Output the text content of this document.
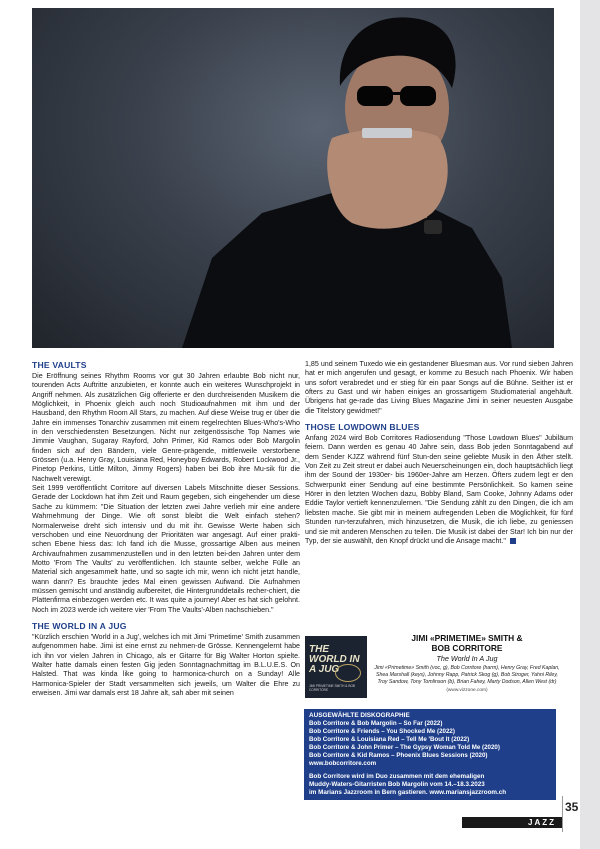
THE VAULTS

Die Eröffnung seines Rhythm Rooms vor gut 30 Jahren erlaubte Bob nicht nur, tourenden Acts Auftritte anzubieten, er konnte auch ein weiteres Wunschprojekt in Angriff nehmen. Als zusätzlichen Gig offerierte er den durchreisenden Musikern die Möglichkeit, in Phoenix gleich auch noch Studioaufnahmen mit ihm und der Hausband, den Rhythm Room All Stars, zu machen. Auf diese Weise trug er über die Jahre ein immenses Tonarchiv zusammen mit einem regelrechten Blues-Who's-Who in den verschiedensten Besetzungen. Nicht nur zeitgenössische Top Names wie Jimmie Vaughan, Sugaray Rayford, John Primer, Kid Ramos oder Bob Margolin finden sich auf den Bändern, viele Genre-prägende, mittlerweile verstorbene Grössen (u.a. Henry Gray, Louisiana Red, Honeyboy Edwards, Robert Lockwood Jr., Pinetop Perkins, Little Milton, Jimmy Rogers) haben bei Bob ihre Mu-sik für die Nachwelt verewigt.

Seit 1999 veröffentlicht Corritore auf diversen Labels Mitschnitte dieser Sessions. Gerade der Lockdown hat ihm Zeit und Raum gegeben, sich eingehender um diese Sache zu kümmern: "Die Situation der letzten zwei Jahre verlieh mir eine andere Wahrnehmung der Dinge. Wie oft sonst bleibt die Welt einfach stehen? Normalerweise dreht sich intensiv und du mit ihr. Gewisse Werte haben sich verschoben und eine Neuordnung der Prioritäten war angesagt. Auf einer prakti-schen Ebene hiess das: Ich fand ich die Musse, grossartige Alben aus meinen Archivaufnahmen zusammenzustellen und in den letzten bei-den Jahren unter dem Motto 'From The Vaults' zu veröffentlichen. Ich staunte selber, welche Fülle an Material sich angesammelt hatte, und so sagte ich mir, wenn ich nicht jetzt handle, wann dann? Es brauchte jedes Mal einen gewissen Aufwand. Die Aufnahmen müssen gemischt und anständig aufbereitet, die Hintergrunddetails recher-chiert, die Plattenfirma einbezogen werden etc. It was quite a journey! Aber es hat sich gelohnt. Noch im 2023 werde ich weitere vier 'From The Vaults'-Alben nachschieben."

THE WORLD IN A JUG

"Kürzlich erschien 'World in a Jug', welches ich mit Jimi 'Primetime' Smith zusammen aufgenommen habe. Jimi ist eine ernst zu nehmen-de Grösse. Kennengelernt habe ich ihn vor vielen Jahren in Chicago, als er Gitarre für Big Walter Horton spielte. Walter hatte damals einen festen Gig jeden Sonntagnachmittag im B.L.U.E.S. On Halsted. That was kinda like going to harmonica-church on a Sunday! Alle Harmonica-Spieler der Stadt versammelten sich jeweils, um Walter die Ehre zu erweisen. Jimi war damals erst 18 Jahre alt, sah aber mit seinen

1,85 und seinem Tuxedo wie ein gestandener Bluesman aus. Vor rund sieben Jahren hat er mich angerufen und gesagt, er komme zu Besuch nach Phoenix. Wir haben uns sofort verabredet und er stieg für ein paar Songs auf die Bühne. Seither ist er öfters zu Gast und wir haben einiges an grossartigem Studiomaterial angehäuft. Übrigens hat ge-rade das Living Blues Magazine Jimi in seiner neuesten Ausgabe die Titelstory gewidmet!"

THOSE LOWDOWN BLUES

Anfang 2024 wird Bob Corritores Radiosendung "Those Lowdown Blues" Jubiläum feiern. Dann werden es genau 40 Jahre sein, dass Bob jeden Sonntagabend auf dem Sender KJZZ während fünf Stun-den seine geliebte Musik in den Äther stellt. Von Zeit zu Zeit streut er dabei auch Neuerscheinungen ein, doch hauptsächlich liegt ihm der Sound der 1930er- bis 1960er-Jahre am Herzen. Öfters zudem legt er den Schwerpunkt einer Sendung auf eine bestimmte Persönlichkeit. So kamen seine Hörer in den letzten Wochen dazu, Bobby Bland, Sam Cooke, Johnny Adams oder Eddie Taylor vertieft kennenzulernen. "Die Sendung zählt zu den Dingen, die ich am liebsten mache. Sie gibt mir in meinem aufregenden Leben die Möglichkeit, für fünf Stunden run-terzufahren, mich hinzusetzen, die Musik, die ich liebe, zu geniessen und sie mit anderen Menschen zu teilen. Die Musik ist dabei der Star! Ich bin nur der Typ, der sie auswählt, den Knopf drückt und die Ansage macht."

THE WORLD IN A JUG
JIMI PRIMETIME SMITH & BOB CORRITORE
JIMI «PRIMETIME» SMITH &
BOB CORRITORE
The World In A Jug
Jimi «Primetime» Smith (voc, g), Bob Corritore (harm), Henry Gray, Fred Kaplan, Shea Marshall (keys), Johnny Rapp, Patrick Skog (g), Bob Stroger, Yahni Riley, Troy Sandow, Tony Tomlinson (b), Brian Fahey, Marty Dodson, Allen West (dr)
(www.vizzone.com)
AUSGEWÄHLTE DISKOGRAPHIE
Bob Corritore & Bob Margolin – So Far (2022)
Bob Corritore & Friends – You Shocked Me (2022)
Bob Corritore & Louisiana Red – Tell Me 'Bout It (2022)
Bob Corritore & John Primer – The Gypsy Woman Told Me (2020)
Bob Corritore & Kid Ramos – Phoenix Blues Sessions (2020)
www.bobcorritore.com
Bob Corritore wird im Duo zusammen mit dem ehemaligen
Muddy-Waters-Gitarristen Bob Margolin vom 14.–18.3.2023
im Marians Jazzroom in Bern gastieren. www.mariansjazzroom.ch
35
JAZZ
